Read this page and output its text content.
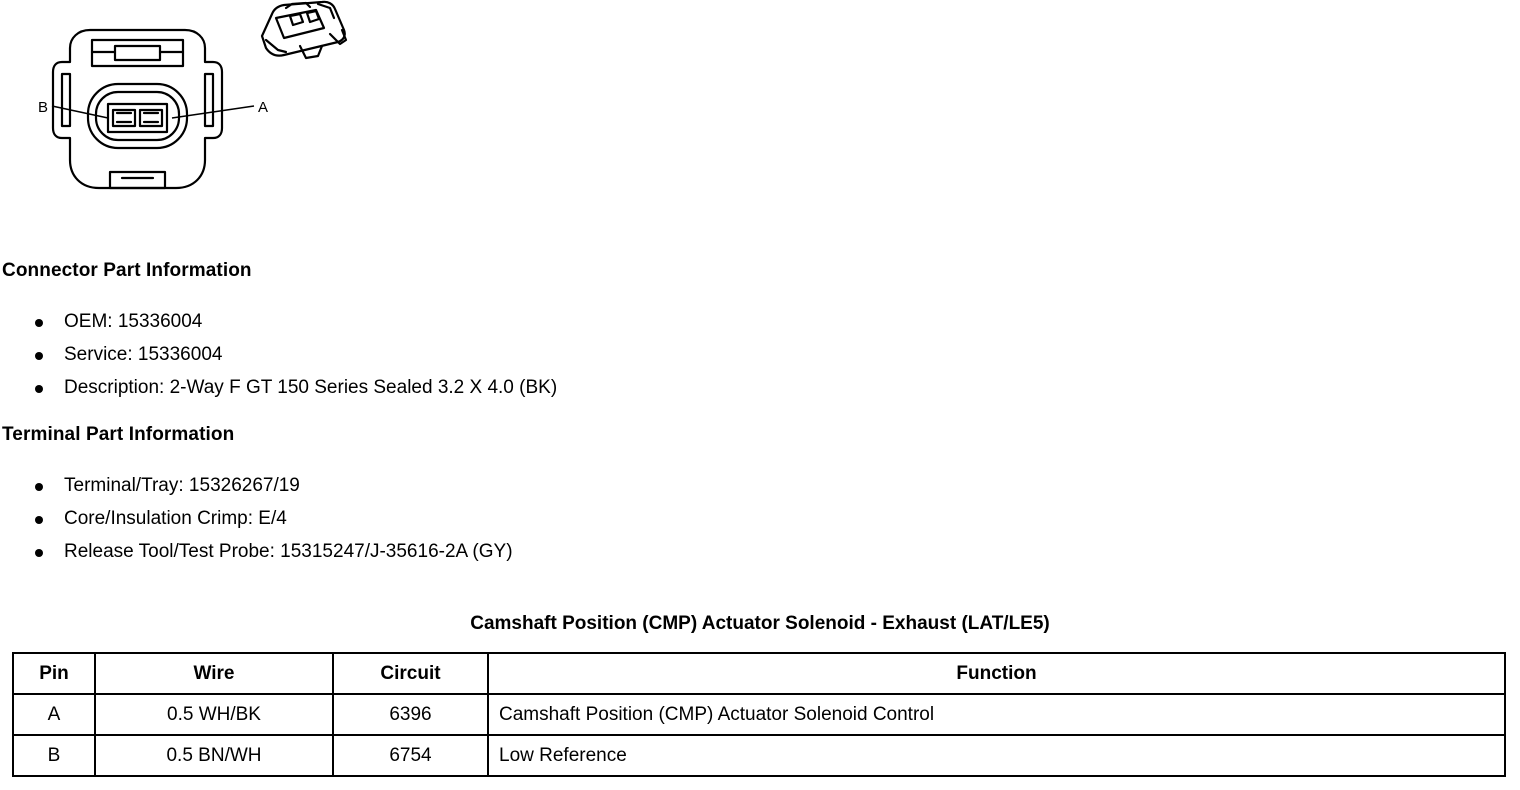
B	A
Connector Part Information
OEM: 15336004
Service: 15336004
Description: 2-Way F GT 150 Series Sealed 3.2 X 4.0 (BK)
Terminal Part Information
Terminal/Tray: 15326267/19
Core/Insulation Crimp: E/4
Release Tool/Test Probe: 15315247/J-35616-2A (GY)
Camshaft Position (CMP) Actuator Solenoid - Exhaust (LAT/LE5)
Pin	Wire	Circuit	Function
A	0.5 WH/BK	6396	Camshaft Position (CMP) Actuator Solenoid Control
B	0.5 BN/WH	6754	Low Reference
